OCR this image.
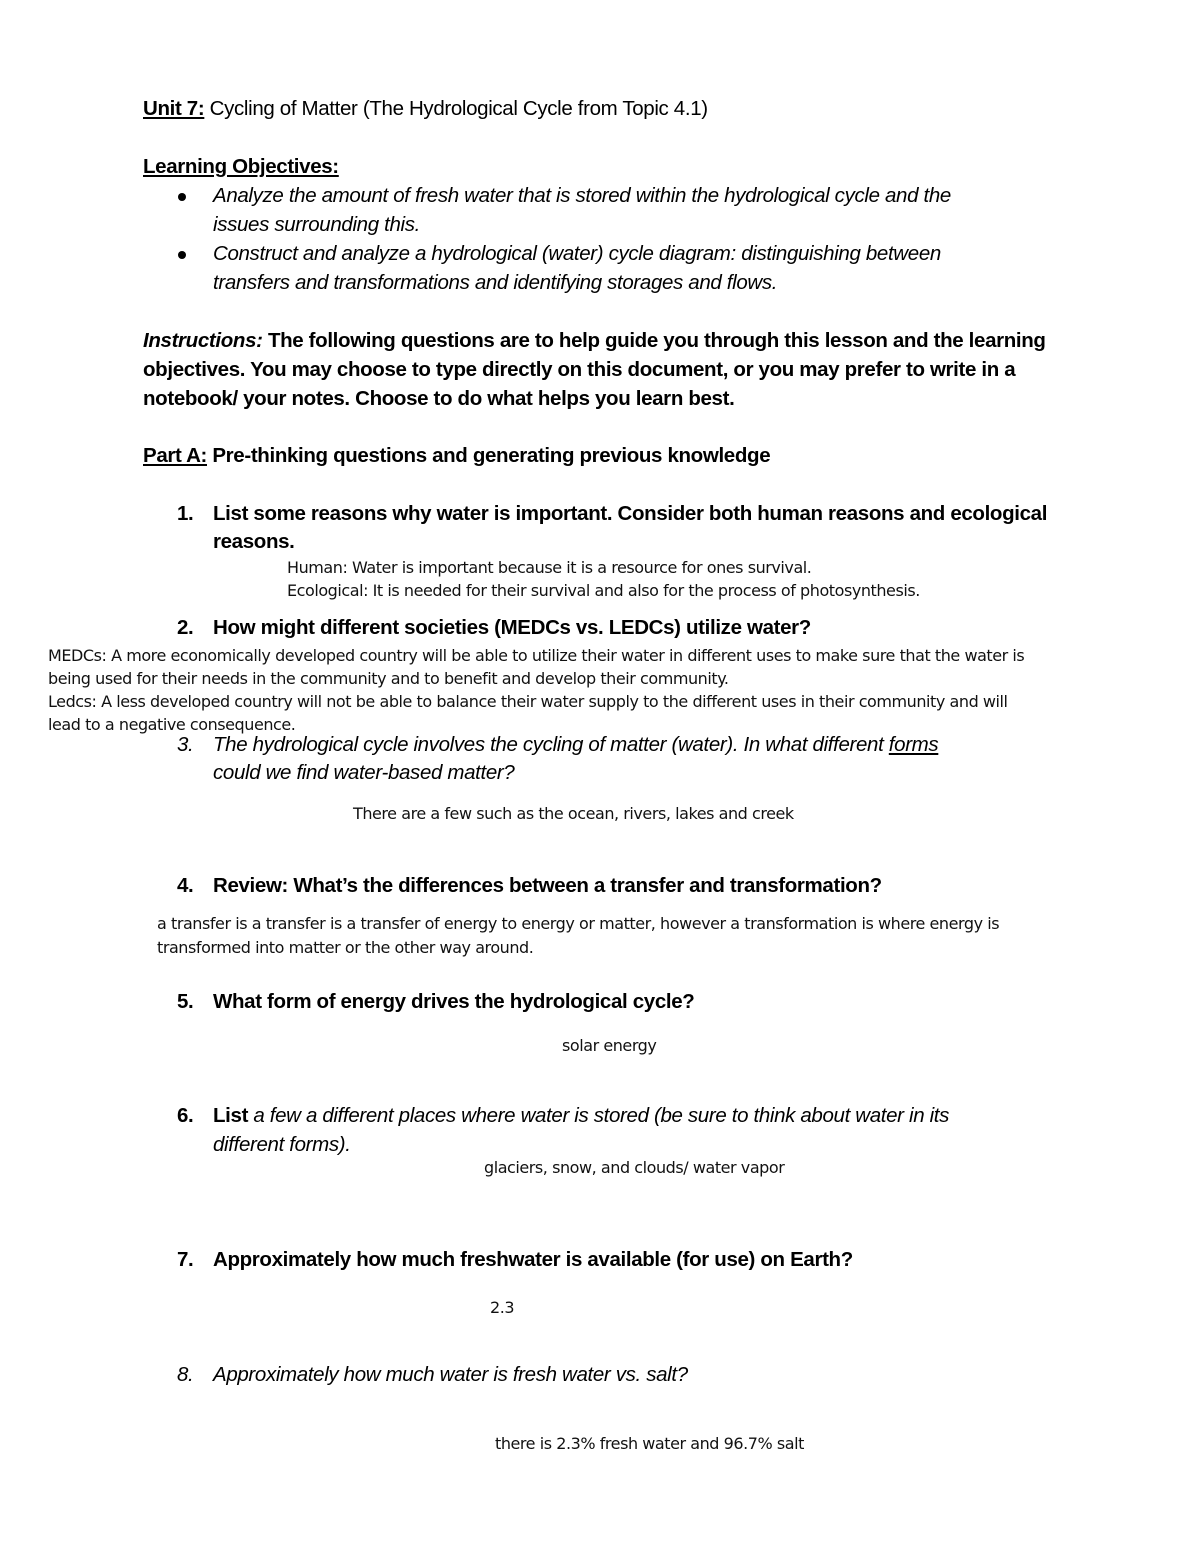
Unit 7: Cycling of Matter (The Hydrological Cycle from Topic 4.1)
Learning Objectives:
Analyze the amount of fresh water that is stored within the hydrological cycle and the
issues surrounding this.
Construct and analyze a hydrological (water) cycle diagram: distinguishing between
transfers and transformations and identifying storages and flows.
Instructions: The following questions are to help guide you through this lesson and the learning
objectives. You may choose to type directly on this document, or you may prefer to write in a
notebook/ your notes. Choose to do what helps you learn best.
Part A: Pre-thinking questions and generating previous knowledge
1. List some reasons why water is important. Consider both human reasons and ecological
reasons.
Human: Water is important because it is a resource for ones survival.
Ecological: It is needed for their survival and also for the process of photosynthesis.
2. How might different societies (MEDCs vs. LEDCs) utilize water?
MEDCs: A more economically developed country will be able to utilize their water in different uses to make sure that the water is
being used for their needs in the community and to benefit and develop their community.
Ledcs: A less developed country will not be able to balance their water supply to the different uses in their community and will
lead to a negative consequence.
3. The hydrological cycle involves the cycling of matter (water). In what different forms
could we find water-based matter?
There are a few such as the ocean, rivers, lakes and creek
4. Review: What’s the differences between a transfer and transformation?
a transfer is a transfer is a transfer of energy to energy or matter, however a transformation is where energy is
transformed into matter or the other way around.
5. What form of energy drives the hydrological cycle?
solar energy
6. List a few a different places where water is stored (be sure to think about water in its
different forms).
glaciers, snow, and clouds/ water vapor
7. Approximately how much freshwater is available (for use) on Earth?
2.3
8. Approximately how much water is fresh water vs. salt?
there is 2.3% fresh water and 96.7% salt
